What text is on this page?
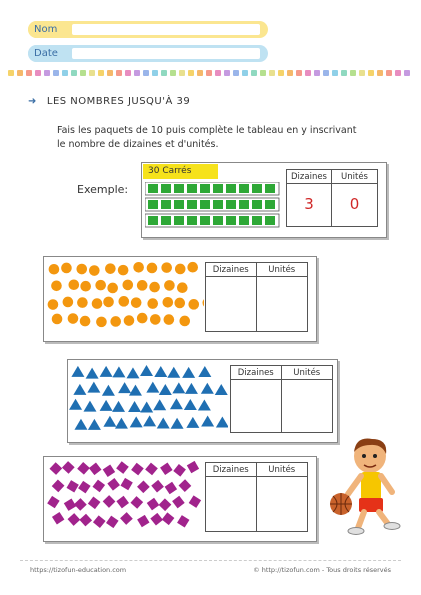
Nom
Date
➜ LES NOMBRES JUSQU'À 39
Fais les paquets de 10 puis complète le tableau en y inscrivant
le nombre de dizaines et d'unités.
Exemple:
30 Carrés
Dizaines	Unités
3	0
Dizaines	Unités
Dizaines	Unités
Dizaines	Unités
https://tizofun-education.com	© http://tizofun.com - Tous droits réservés
